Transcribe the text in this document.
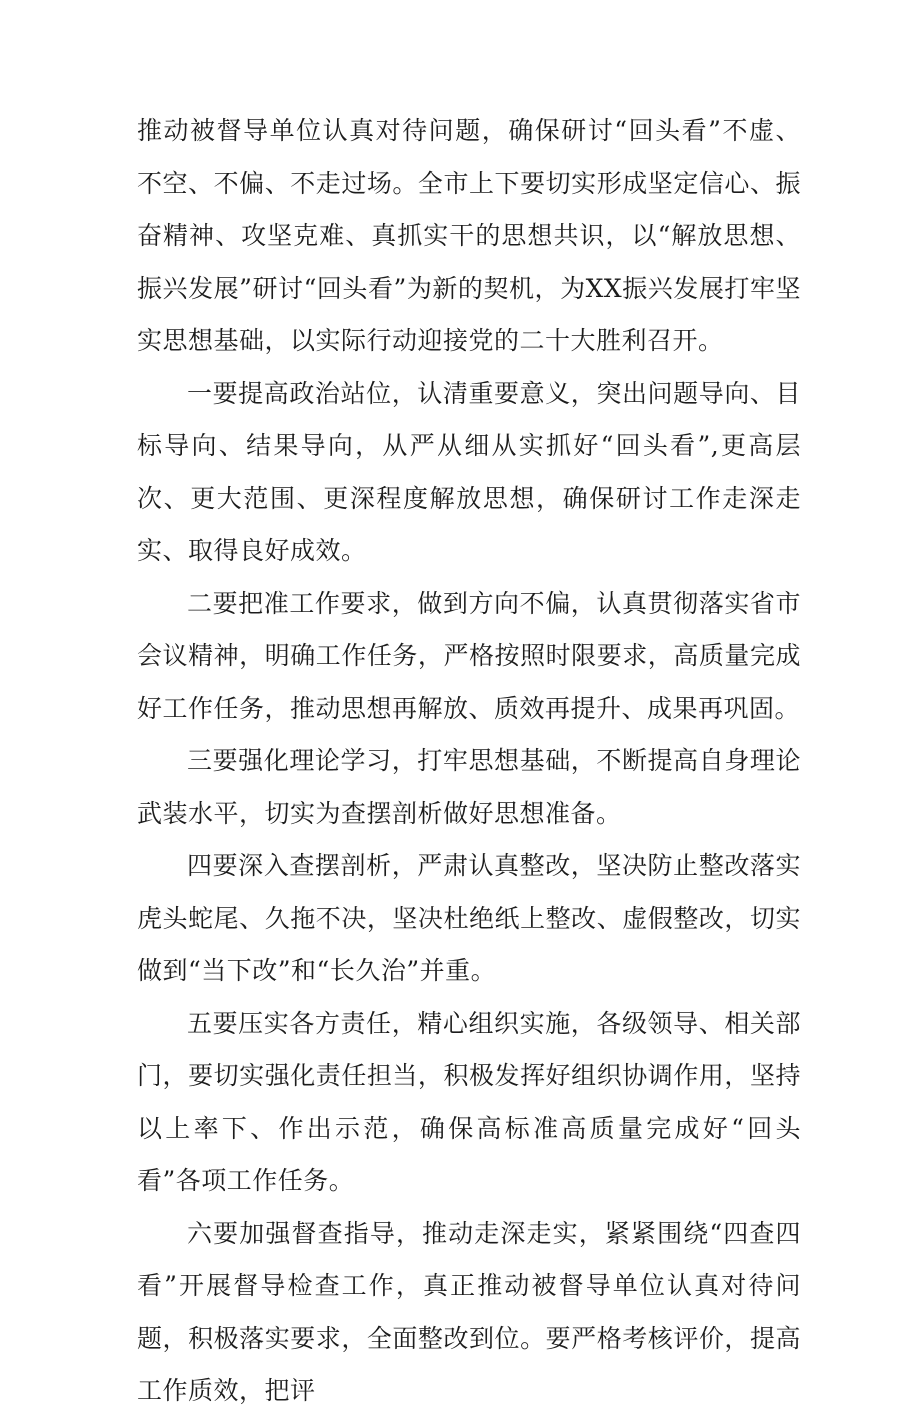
推动被督导单位认真对待问题，确保研讨“回头看”不虚、不空、不偏、不走过场。全市上下要切实形成坚定信心、振奋精神、攻坚克难、真抓实干的思想共识，以“解放思想、振兴发展”研讨“回头看”为新的契机，为XX振兴发展打牢坚实思想基础，以实际行动迎接党的二十大胜利召开。

一要提高政治站位，认清重要意义，突出问题导向、目标导向、结果导向，从严从细从实抓好“回头看”,更高层次、更大范围、更深程度解放思想，确保研讨工作走深走实、取得良好成效。

二要把准工作要求，做到方向不偏，认真贯彻落实省市会议精神，明确工作任务，严格按照时限要求，高质量完成好工作任务，推动思想再解放、质效再提升、成果再巩固。

三要强化理论学习，打牢思想基础，不断提高自身理论武装水平，切实为查摆剖析做好思想准备。

四要深入查摆剖析，严肃认真整改，坚决防止整改落实虎头蛇尾、久拖不决，坚决杜绝纸上整改、虚假整改，切实做到“当下改”和“长久治”并重。

五要压实各方责任，精心组织实施，各级领导、相关部门，要切实强化责任担当，积极发挥好组织协调作用，坚持以上率下、作出示范，确保高标准高质量完成好“回头看”各项工作任务。

六要加强督查指导，推动走深走实，紧紧围绕“四查四看”开展督导检查工作，真正推动被督导单位认真对待问题，积极落实要求，全面整改到位。要严格考核评价，提高工作质效，把评
